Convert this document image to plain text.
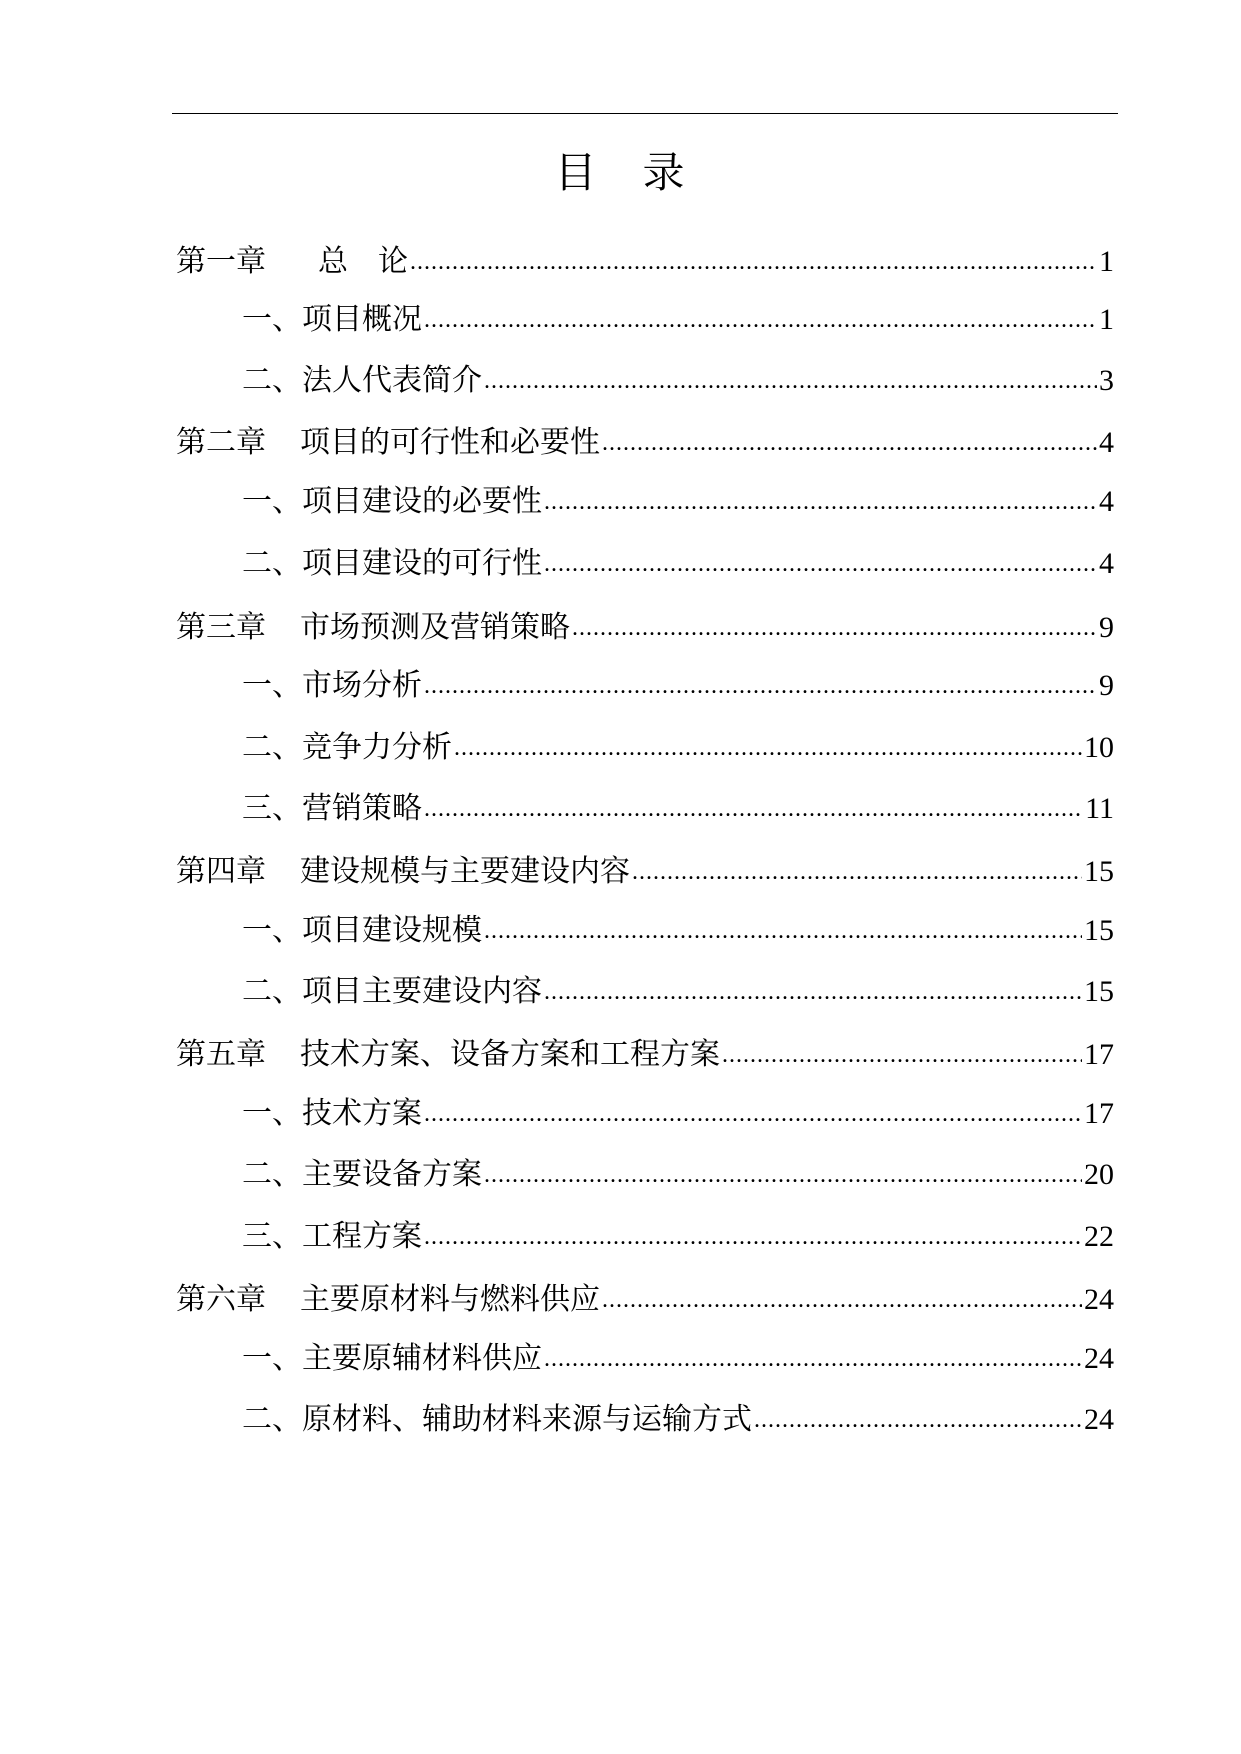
目　录
第一章 总　论 .....	1
一、项目概况 .....	1
二、法人代表简介 .....	3
第二章 项目的可行性和必要性 .....	4
一、项目建设的必要性 .....	4
二、项目建设的可行性 .....	4
第三章 市场预测及营销策略 .....	9
一、市场分析 .....	9
二、竞争力分析 .....	10
三、营销策略 .....	11
第四章 建设规模与主要建设内容 .....	15
一、项目建设规模 .....	15
二、项目主要建设内容 .....	15
第五章 技术方案、设备方案和工程方案 .....	17
一、技术方案 .....	17
二、主要设备方案 .....	20
三、工程方案 .....	22
第六章 主要原材料与燃料供应 .....	24
一、主要原辅材料供应 .....	24
二、原材料、辅助材料来源与运输方式 .....	24
